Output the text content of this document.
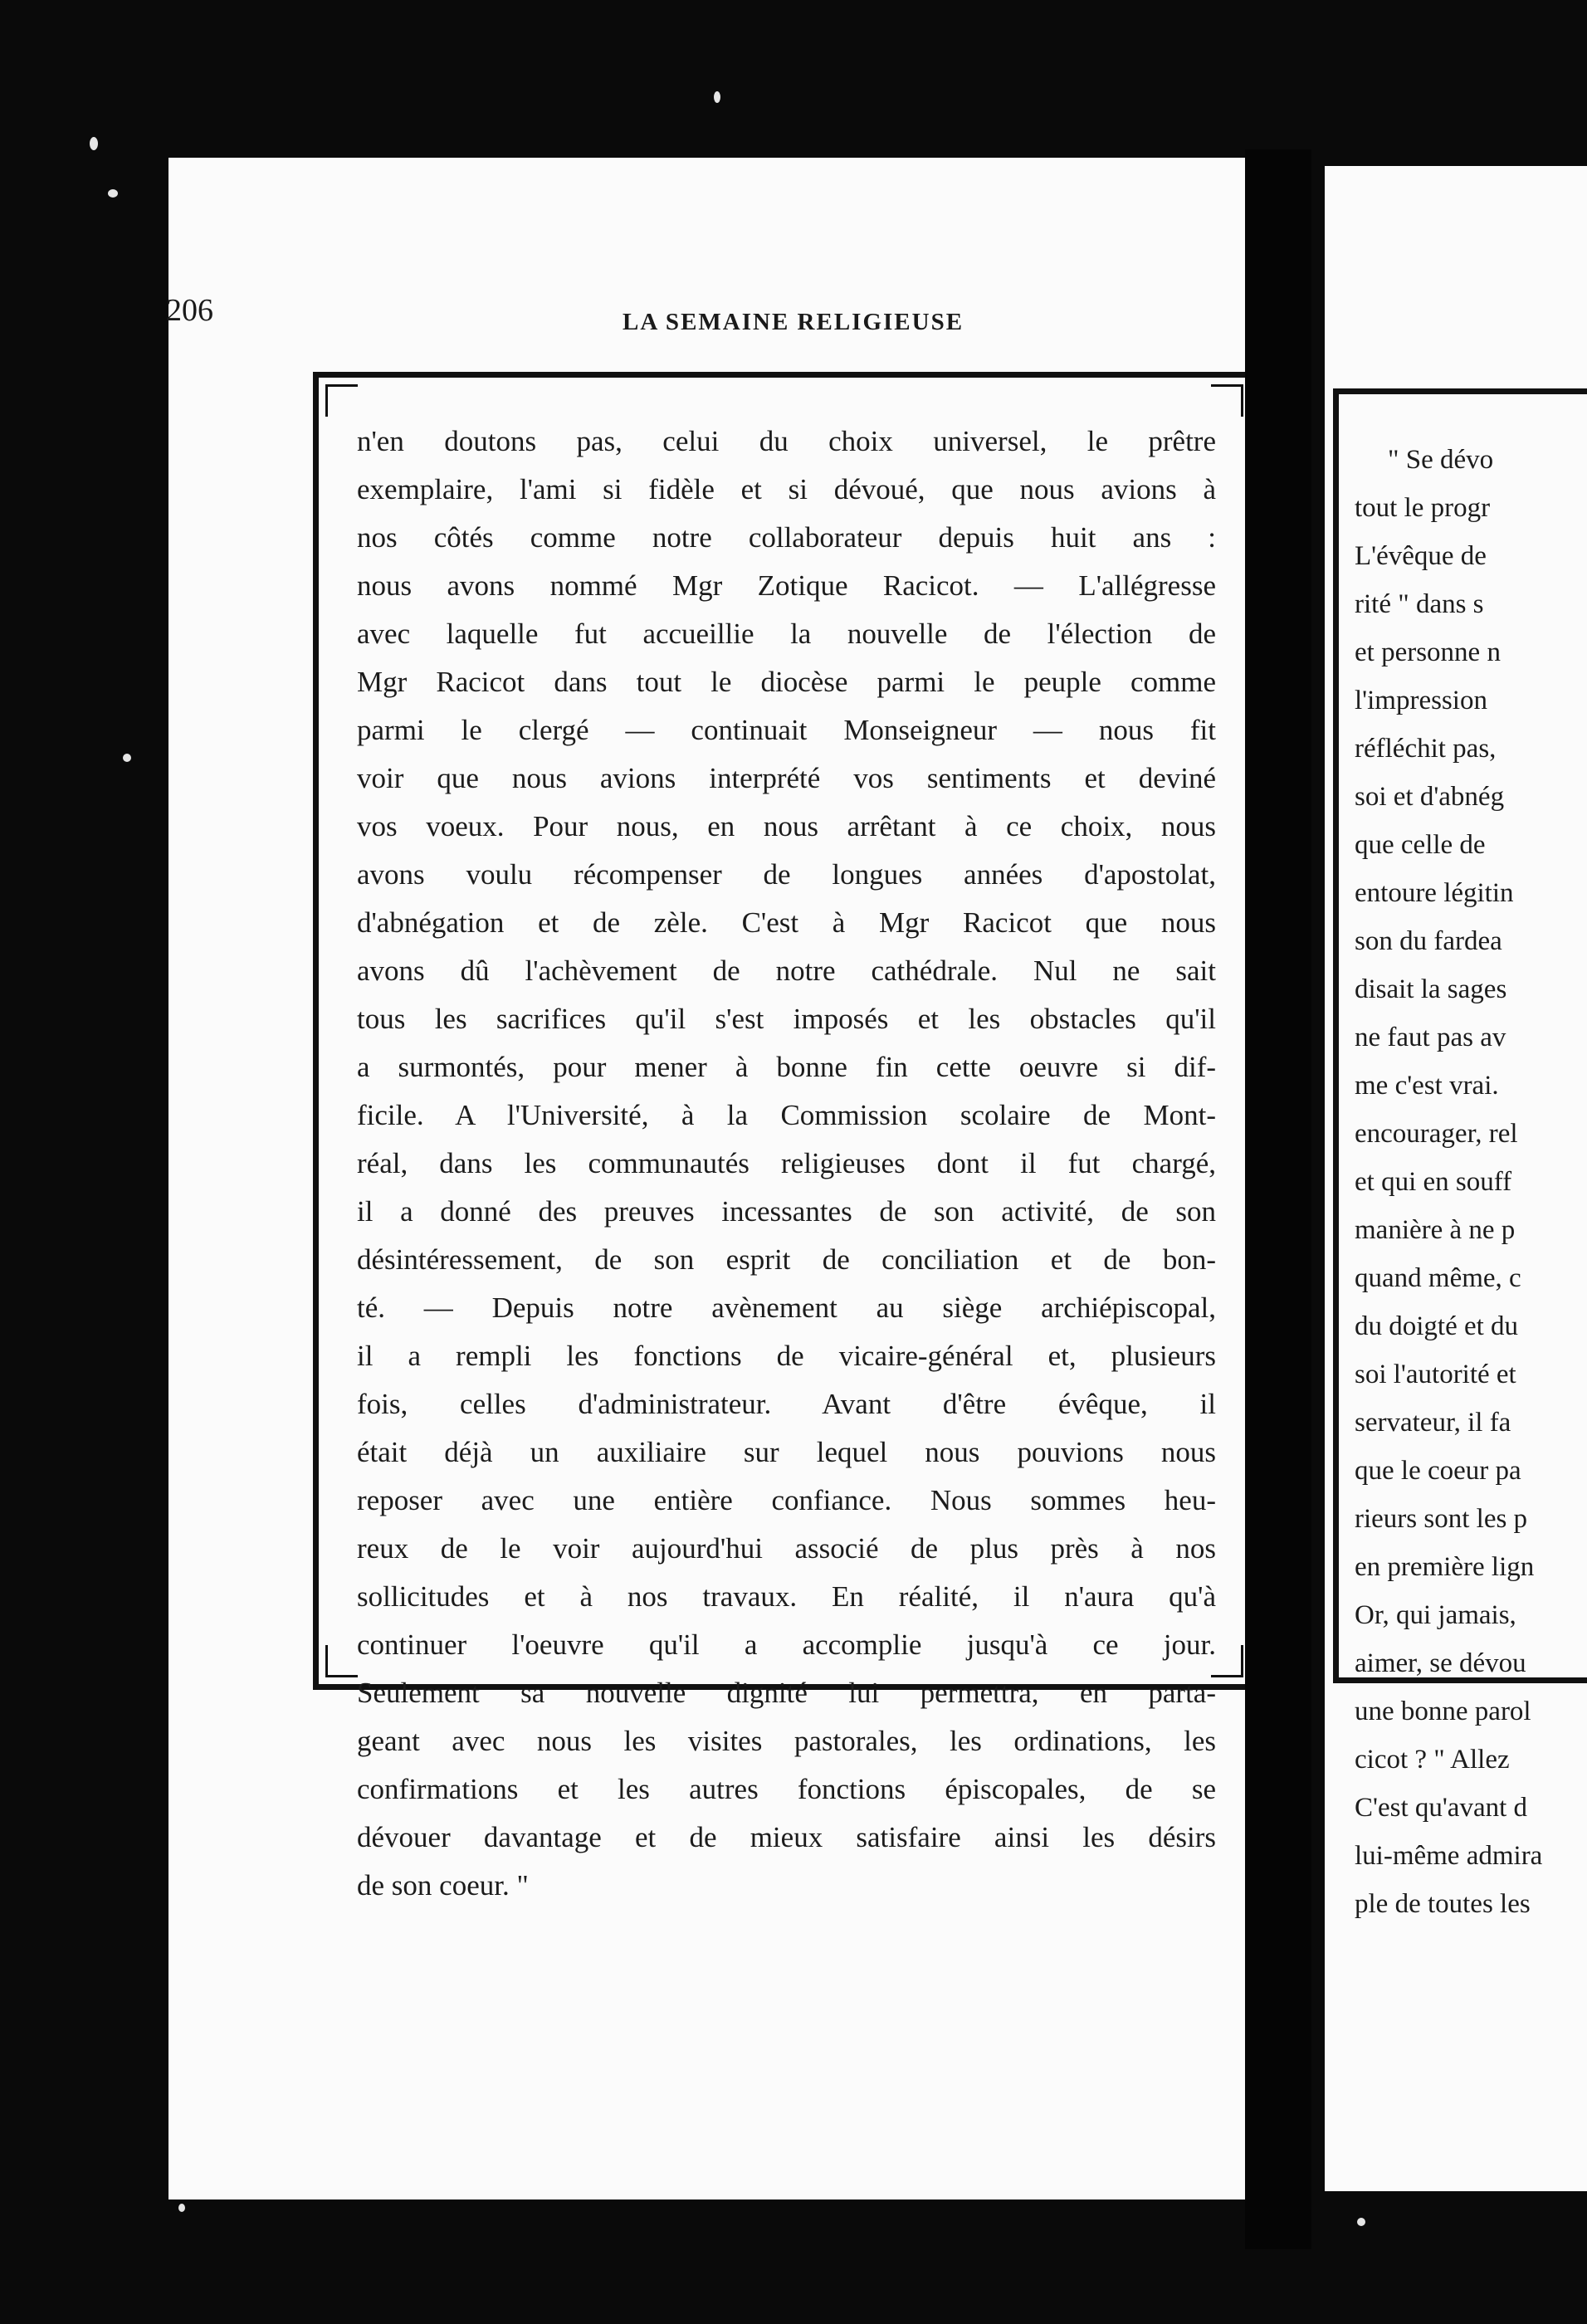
206	LA SEMAINE RELIGIEUSE
n'en doutons pas, celui du choix universel, le prêtre
exemplaire, l'ami si fidèle et si dévoué, que nous avions à
nos côtés comme notre collaborateur depuis huit ans :
nous avons nommé Mgr Zotique Racicot. — L'allégresse
avec laquelle fut accueillie la nouvelle de l'élection de
Mgr Racicot dans tout le diocèse parmi le peuple comme
parmi le clergé — continuait Monseigneur — nous fit
voir que nous avions interprété vos sentiments et deviné
vos voeux. Pour nous, en nous arrêtant à ce choix, nous
avons voulu récompenser de longues années d'apostolat,
d'abnégation et de zèle. C'est à Mgr Racicot que nous
avons dû l'achèvement de notre cathédrale. Nul ne sait
tous les sacrifices qu'il s'est imposés et les obstacles qu'il
a surmontés, pour mener à bonne fin cette oeuvre si dif-
ficile. A l'Université, à la Commission scolaire de Mont-
réal, dans les communautés religieuses dont il fut chargé,
il a donné des preuves incessantes de son activité, de son
désintéressement, de son esprit de conciliation et de bon-
té. — Depuis notre avènement au siège archiépiscopal,
il a rempli les fonctions de vicaire-général et, plusieurs
fois, celles d'administrateur. Avant d'être évêque, il
était déjà un auxiliaire sur lequel nous pouvions nous
reposer avec une entière confiance. Nous sommes heu-
reux de le voir aujourd'hui associé de plus près à nos
sollicitudes et à nos travaux. En réalité, il n'aura qu'à
continuer l'oeuvre qu'il a accomplie jusqu'à ce jour.
Seulement sa nouvelle dignité lui permettra, en parta-
geant avec nous les visites pastorales, les ordinations, les
confirmations et les autres fonctions épiscopales, de se
dévouer davantage et de mieux satisfaire ainsi les désirs
de son coeur. "
" Se dévo
tout le progr
L'évêque de
rité " dans s
et personne n
l'impression
réfléchit pas,
soi et d'abnég
que celle de
entoure légitin
son du fardea
disait la sages
ne faut pas av
me c'est vrai.
encourager, rel
et qui en souff
manière à ne p
quand même, c
du doigté et du
soi l'autorité et
servateur, il fa
que le coeur pa
rieurs sont les p
en première lign
Or, qui jamais,
aimer, se dévou
une bonne parol
cicot ? " Allez
C'est qu'avant d
lui-même admira
ple de toutes les
